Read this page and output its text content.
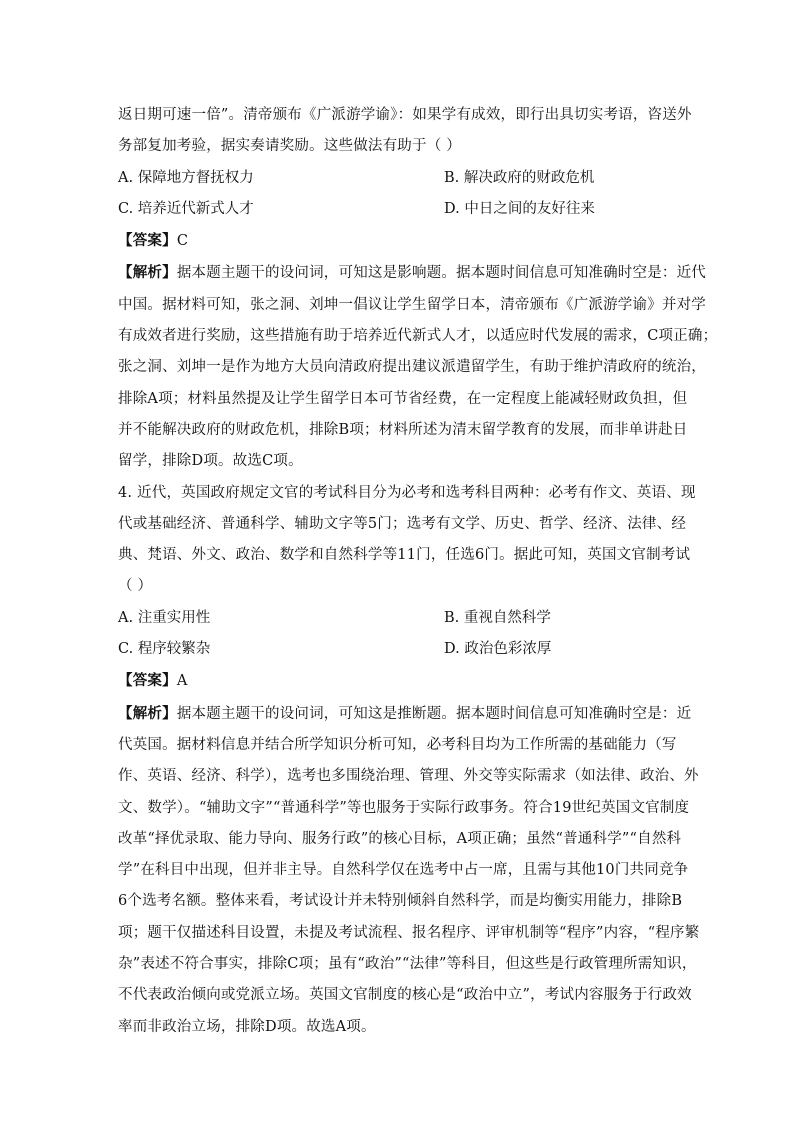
返日期可速一倍”。清帝颁布《广派游学谕》：如果学有成效，即行出具切实考语，咨送外
务部复加考验，据实奏请奖励。这些做法有助于（ ）
A. 保障地方督抚权力	B. 解决政府的财政危机
C. 培养近代新式人才	D. 中日之间的友好往来
【答案】C
【解析】据本题主题干的设问词，可知这是影响题。据本题时间信息可知准确时空是：近代
中国。据材料可知，张之洞、刘坤一倡议让学生留学日本，清帝颁布《广派游学谕》并对学
有成效者进行奖励，这些措施有助于培养近代新式人才，以适应时代发展的需求，C项正确；
张之洞、刘坤一是作为地方大员向清政府提出建议派遣留学生，有助于维护清政府的统治，
排除A项；材料虽然提及让学生留学日本可节省经费，在一定程度上能减轻财政负担，但
并不能解决政府的财政危机，排除B项；材料所述为清末留学教育的发展，而非单讲赴日
留学，排除D项。故选C项。
4. 近代，英国政府规定文官的考试科目分为必考和选考科目两种：必考有作文、英语、现
代或基础经济、普通科学、辅助文字等5门；选考有文学、历史、哲学、经济、法律、经
典、梵语、外文、政治、数学和自然科学等11门，任选6门。据此可知，英国文官制考试
（ ）
A. 注重实用性	B. 重视自然科学
C. 程序较繁杂	D. 政治色彩浓厚
【答案】A
【解析】据本题主题干的设问词，可知这是推断题。据本题时间信息可知准确时空是：近
代英国。据材料信息并结合所学知识分析可知，必考科目均为工作所需的基础能力（写
作、英语、经济、科学），选考也多围绕治理、管理、外交等实际需求（如法律、政治、外
文、数学）。“辅助文字”“普通科学”等也服务于实际行政事务。符合19世纪英国文官制度
改革“择优录取、能力导向、服务行政”的核心目标，A项正确；虽然“普通科学”“自然科
学”在科目中出现，但并非主导。自然科学仅在选考中占一席，且需与其他10门共同竞争
6个选考名额。整体来看，考试设计并未特别倾斜自然科学，而是均衡实用能力，排除B
项；题干仅描述科目设置，未提及考试流程、报名程序、评审机制等“程序”内容，“程序繁
杂”表述不符合事实，排除C项；虽有“政治”“法律”等科目，但这些是行政管理所需知识，
不代表政治倾向或党派立场。英国文官制度的核心是“政治中立”，考试内容服务于行政效
率而非政治立场，排除D项。故选A项。
